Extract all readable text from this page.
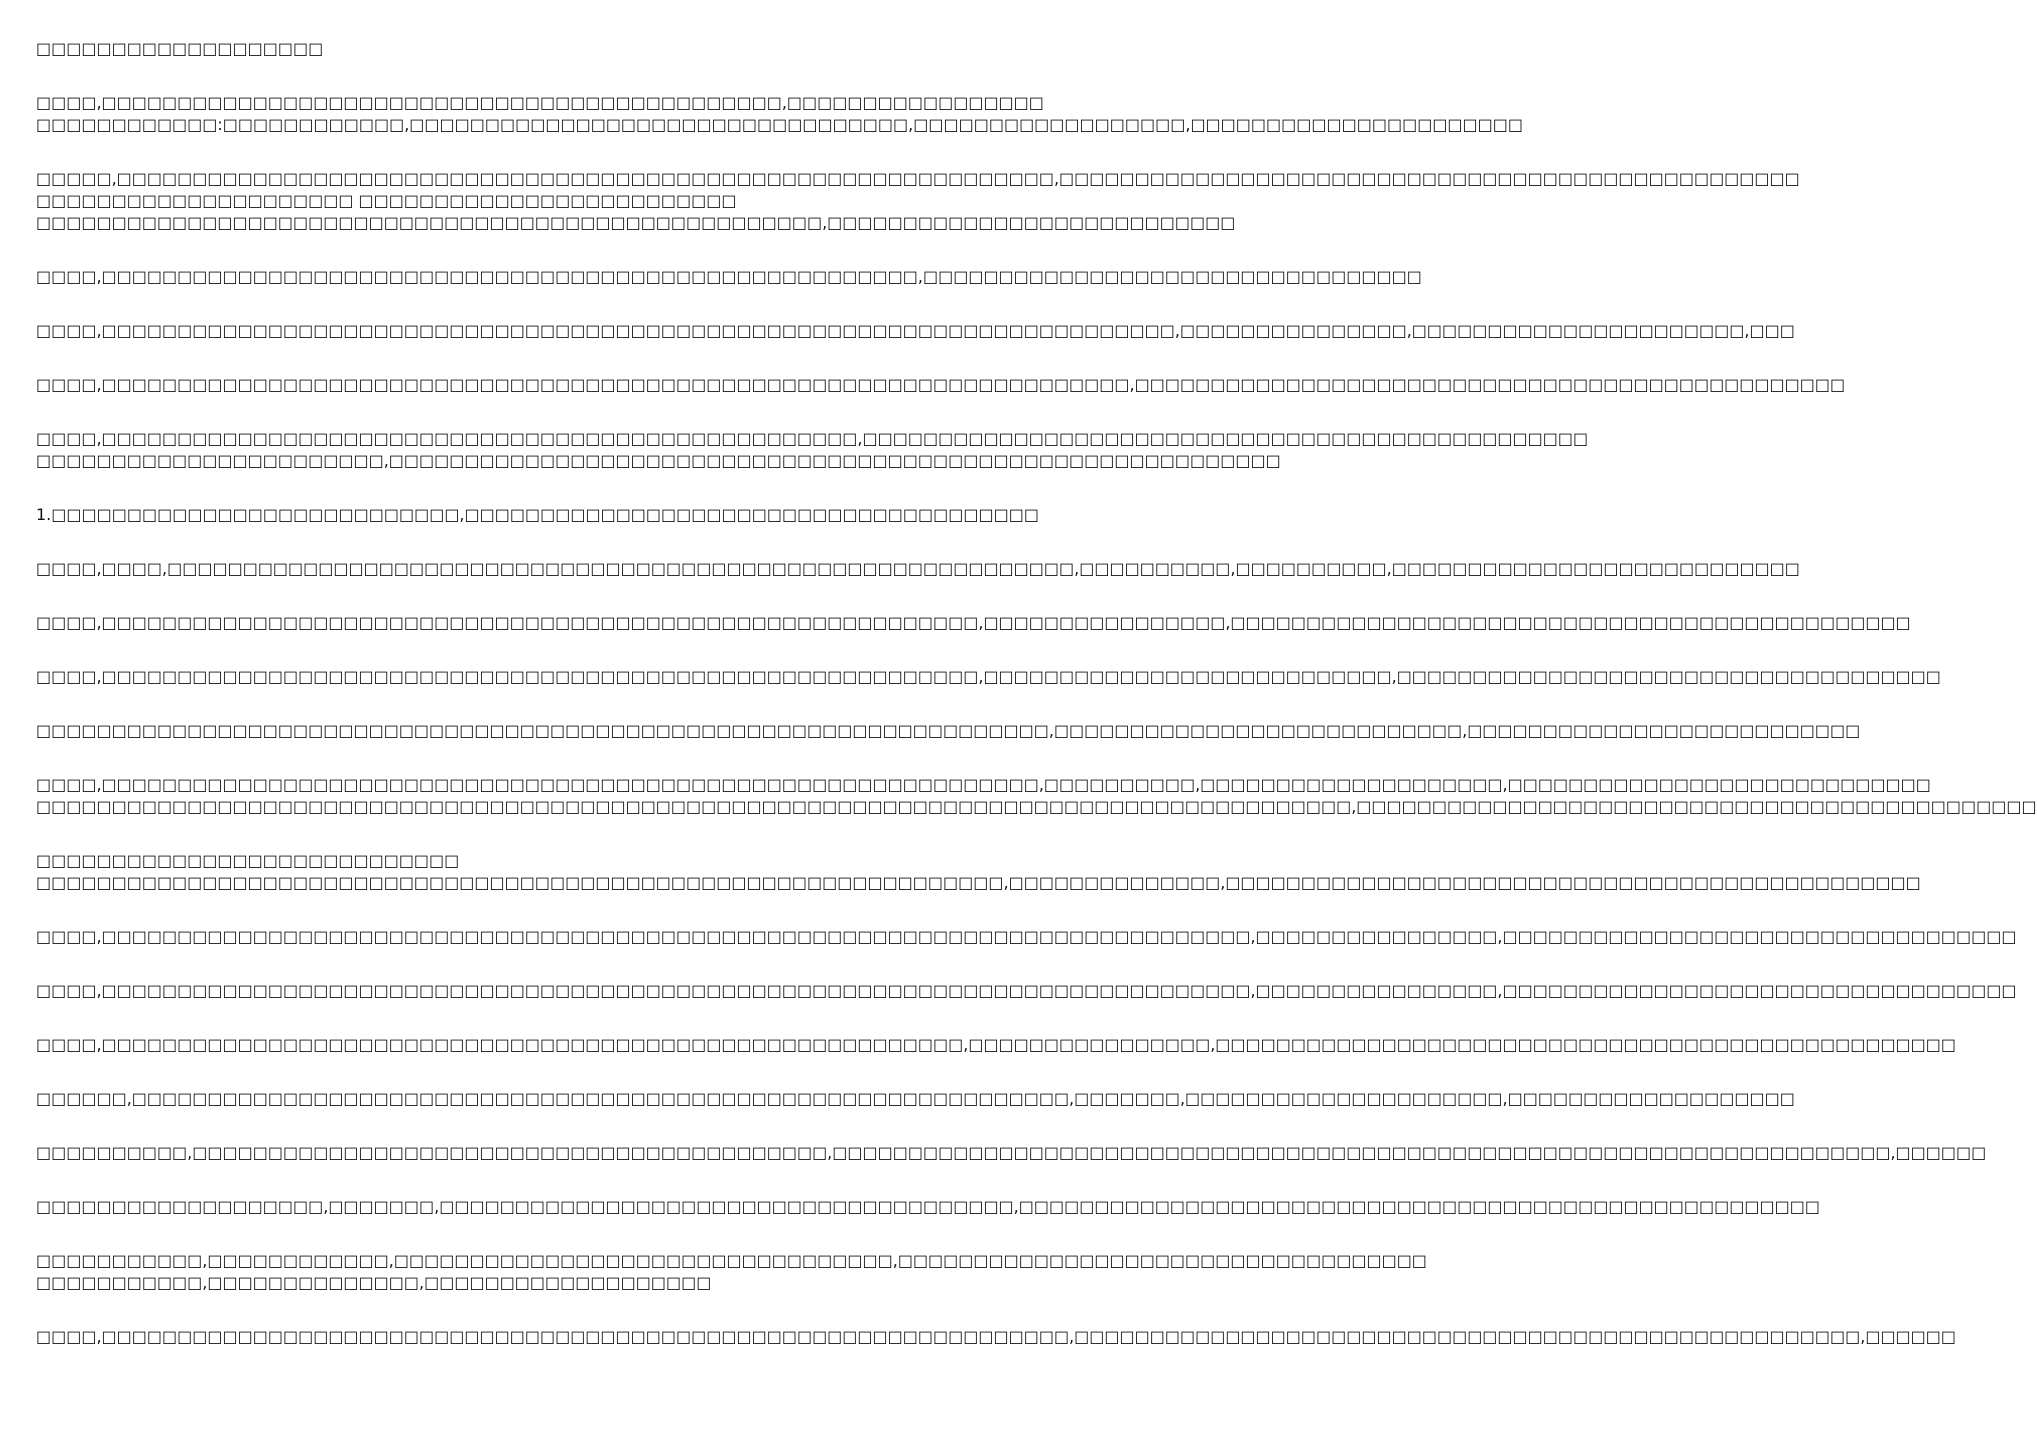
□□□□□□□□□□□□□□□□□□□
□□□□,□□□□□□□□□□□□□□□□□□□□□□□□□□□□□□□□□□□□□□□□□□□□□,□□□□□□□□□□□□□□□□□
□□□□□□□□□□□□:□□□□□□□□□□□□,□□□□□□□□□□□□□□□□□□□□□□□□□□□□□□□□□,□□□□□□□□□□□□□□□□□□,□□□□□□□□□□□□□□□□□□□□□□
□□□□□,□□□□□□□□□□□□□□□□□□□□□□□□□□□□□□□□□□□□□□□□□□□□□□□□□□□□□□□□□□□□□□,□□□□□□□□□□□□□□□□□□□□□□□□□□□□□□□□□□□□□□□□□□□□□□□□□
□□□□□□□□□□□□□□□□□□□□□ □□□□□□□□□□□□□□□□□□□□□□□□□
□□□□□□□□□□□□□□□□□□□□□□□□□□□□□□□□□□□□□□□□□□□□□□□□□□□□,□□□□□□□□□□□□□□□□□□□□□□□□□□□
□□□□,□□□□□□□□□□□□□□□□□□□□□□□□□□□□□□□□□□□□□□□□□□□□□□□□□□□□□□,□□□□□□□□□□□□□□□□□□□□□□□□□□□□□□□□□
□□□□,□□□□□□□□□□□□□□□□□□□□□□□□□□□□□□□□□□□□□□□□□□□□□□□□□□□□□□□□□□□□□□□□□□□□□□□,□□□□□□□□□□□□□□□,□□□□□□□□□□□□□□□□□□□□□□,□□□
□□□□,□□□□□□□□□□□□□□□□□□□□□□□□□□□□□□□□□□□□□□□□□□□□□□□□□□□□□□□□□□□□□□□□□□□□,□□□□□□□□□□□□□□□□□□□□□□□□□□□□□□□□□□□□□□□□□□□□□□□
□□□□,□□□□□□□□□□□□□□□□□□□□□□□□□□□□□□□□□□□□□□□□□□□□□□□□□□,□□□□□□□□□□□□□□□□□□□□□□□□□□□□□□□□□□□□□□□□□□□□□□□□
□□□□□□□□□□□□□□□□□□□□□□□,□□□□□□□□□□□□□□□□□□□□□□□□□□□□□□□□□□□□□□□□□□□□□□□□□□□□□□□□□□□
1.□□□□□□□□□□□□□□□□□□□□□□□□□□□,□□□□□□□□□□□□□□□□□□□□□□□□□□□□□□□□□□□□□□
□□□□,□□□□,□□□□□□□□□□□□□□□□□□□□□□□□□□□□□□□□□□□□□□□□□□□□□□□□□□□□□□□□□□□□,□□□□□□□□□□,□□□□□□□□□□,□□□□□□□□□□□□□□□□□□□□□□□□□□□
□□□□,□□□□□□□□□□□□□□□□□□□□□□□□□□□□□□□□□□□□□□□□□□□□□□□□□□□□□□□□□□,□□□□□□□□□□□□□□□□,□□□□□□□□□□□□□□□□□□□□□□□□□□□□□□□□□□□□□□□□□□□□□
□□□□,□□□□□□□□□□□□□□□□□□□□□□□□□□□□□□□□□□□□□□□□□□□□□□□□□□□□□□□□□□,□□□□□□□□□□□□□□□□□□□□□□□□□□□,□□□□□□□□□□□□□□□□□□□□□□□□□□□□□□□□□□□□
□□□□□□□□□□□□□□□□□□□□□□□□□□□□□□□□□□□□□□□□□□□□□□□□□□□□□□□□□□□□□□□□□□□,□□□□□□□□□□□□□□□□□□□□□□□□□□□,□□□□□□□□□□□□□□□□□□□□□□□□□□
□□□□,□□□□□□□□□□□□□□□□□□□□□□□□□□□□□□□□□□□□□□□□□□□□□□□□□□□□□□□□□□□□□□,□□□□□□□□□□,□□□□□□□□□□□□□□□□□□□□,□□□□□□□□□□□□□□□□□□□□□□□□□□□□
□□□□□□□□□□□□□□□□□□□□□□□□□□□□□□□□□□□□□□□□□□□□□□□□□□□□□□□□□□□□□□□□□□□□□□□□□□□□□□□□□□□□□□□,□□□□□□□□□□□□□□□□□□□□□□□□□□□□□□□□□□□□□□□□□□□□□
□□□□□□□□□□□□□□□□□□□□□□□□□□□□
□□□□□□□□□□□□□□□□□□□□□□□□□□□□□□□□□□□□□□□□□□□□□□□□□□□□□□□□□□□□□□□□,□□□□□□□□□□□□□□,□□□□□□□□□□□□□□□□□□□□□□□□□□□□□□□□□□□□□□□□□□□□□□
□□□□,□□□□□□□□□□□□□□□□□□□□□□□□□□□□□□□□□□□□□□□□□□□□□□□□□□□□□□□□□□□□□□□□□□□□□□□□□□□□,□□□□□□□□□□□□□□□□,□□□□□□□□□□□□□□□□□□□□□□□□□□□□□□□□□□
□□□□,□□□□□□□□□□□□□□□□□□□□□□□□□□□□□□□□□□□□□□□□□□□□□□□□□□□□□□□□□□□□□□□□□□□□□□□□□□□□,□□□□□□□□□□□□□□□□,□□□□□□□□□□□□□□□□□□□□□□□□□□□□□□□□□□
□□□□,□□□□□□□□□□□□□□□□□□□□□□□□□□□□□□□□□□□□□□□□□□□□□□□□□□□□□□□□□,□□□□□□□□□□□□□□□□,□□□□□□□□□□□□□□□□□□□□□□□□□□□□□□□□□□□□□□□□□□□□□□□□□
□□□□□□,□□□□□□□□□□□□□□□□□□□□□□□□□□□□□□□□□□□□□□□□□□□□□□□□□□□□□□□□□□□□□□,□□□□□□□,□□□□□□□□□□□□□□□□□□□□□,□□□□□□□□□□□□□□□□□□□
□□□□□□□□□□,□□□□□□□□□□□□□□□□□□□□□□□□□□□□□□□□□□□□□□□□□□,□□□□□□□□□□□□□□□□□□□□□□□□□□□□□□□□□□□□□□□□□□□□□□□□□□□□□□□□□□□□□□□□□□□□□□,□□□□□□
□□□□□□□□□□□□□□□□□□□,□□□□□□□,□□□□□□□□□□□□□□□□□□□□□□□□□□□□□□□□□□□□□□,□□□□□□□□□□□□□□□□□□□□□□□□□□□□□□□□□□□□□□□□□□□□□□□□□□□□□
□□□□□□□□□□□,□□□□□□□□□□□□,□□□□□□□□□□□□□□□□□□□□□□□□□□□□□□□□□,□□□□□□□□□□□□□□□□□□□□□□□□□□□□□□□□□□□
□□□□□□□□□□□,□□□□□□□□□□□□□□,□□□□□□□□□□□□□□□□□□□
□□□□,□□□□□□□□□□□□□□□□□□□□□□□□□□□□□□□□□□□□□□□□□□□□□□□□□□□□□□□□□□□□□□□□,□□□□□□□□□□□□□□□□□□□□□□□□□□□□□□□□□□□□□□□□□□□□□□□□□□□□,□□□□□□
